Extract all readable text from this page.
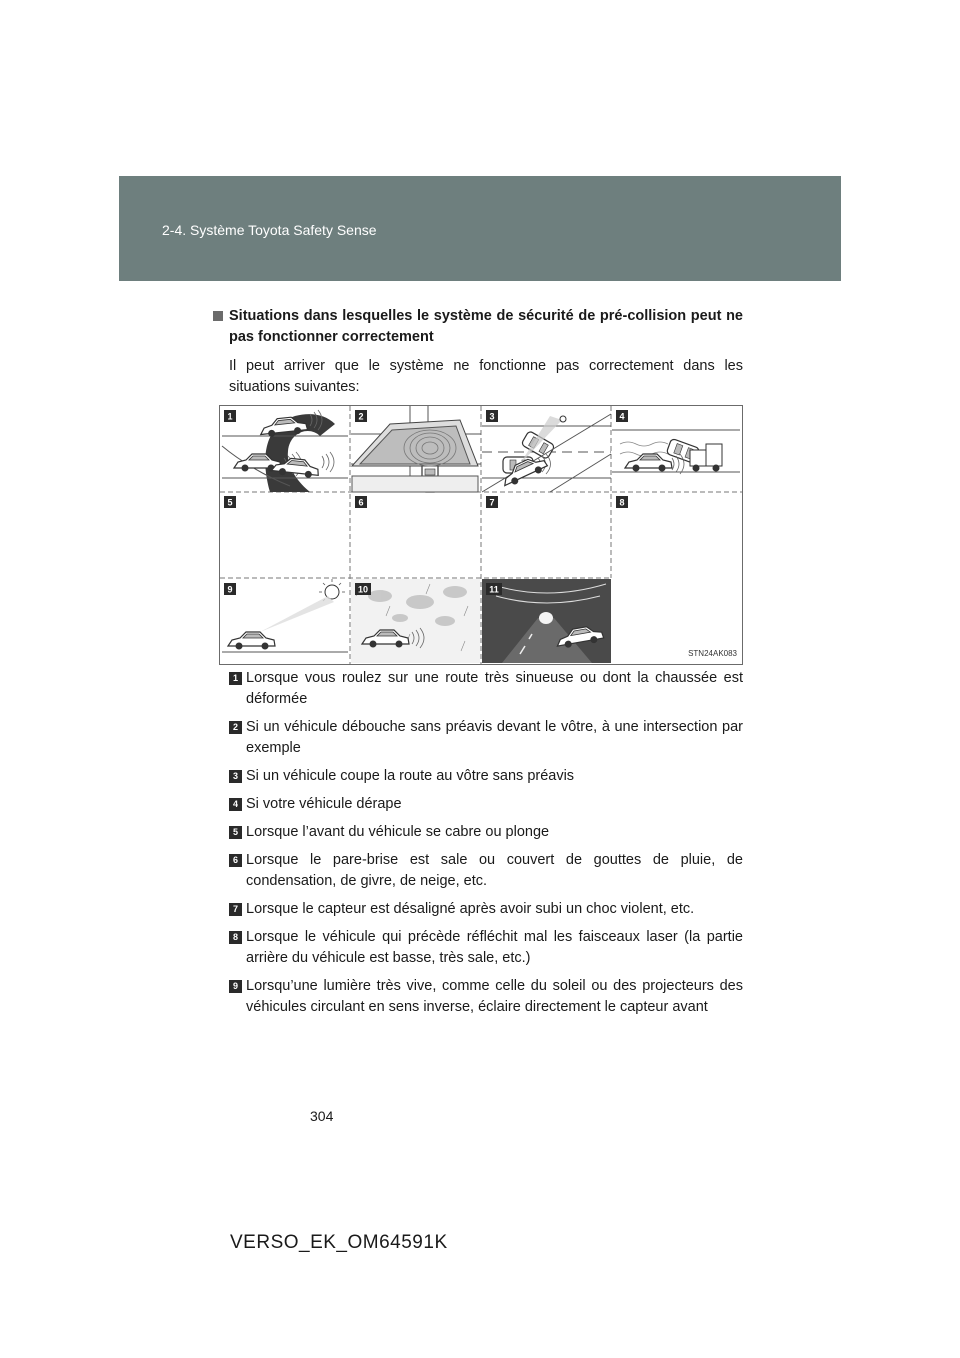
2-4. Système Toyota Safety Sense
Situations dans lesquelles le système de sécurité de pré-collision peut ne pas fonctionner correctement
Il peut arriver que le système ne fonctionne pas correctement dans les situations suivantes:
1	2	3	4
5	6	7	8
9	10	11
STN24AK083
1 Lorsque vous roulez sur une route très sinueuse ou dont la chaussée est déformée
2 Si un véhicule débouche sans préavis devant le vôtre, à une intersection par exemple
3 Si un véhicule coupe la route au vôtre sans préavis
4 Si votre véhicule dérape
5 Lorsque l’avant du véhicule se cabre ou plonge
6 Lorsque le pare-brise est sale ou couvert de gouttes de pluie, de condensation, de givre, de neige, etc.
7 Lorsque le capteur est désaligné après avoir subi un choc violent, etc.
8 Lorsque le véhicule qui précède réfléchit mal les faisceaux laser (la partie arrière du véhicule est basse, très sale, etc.)
9 Lorsqu’une lumière très vive, comme celle du soleil ou des projecteurs des véhicules circulant en sens inverse, éclaire directement le capteur avant
304
VERSO_EK_OM64591K
